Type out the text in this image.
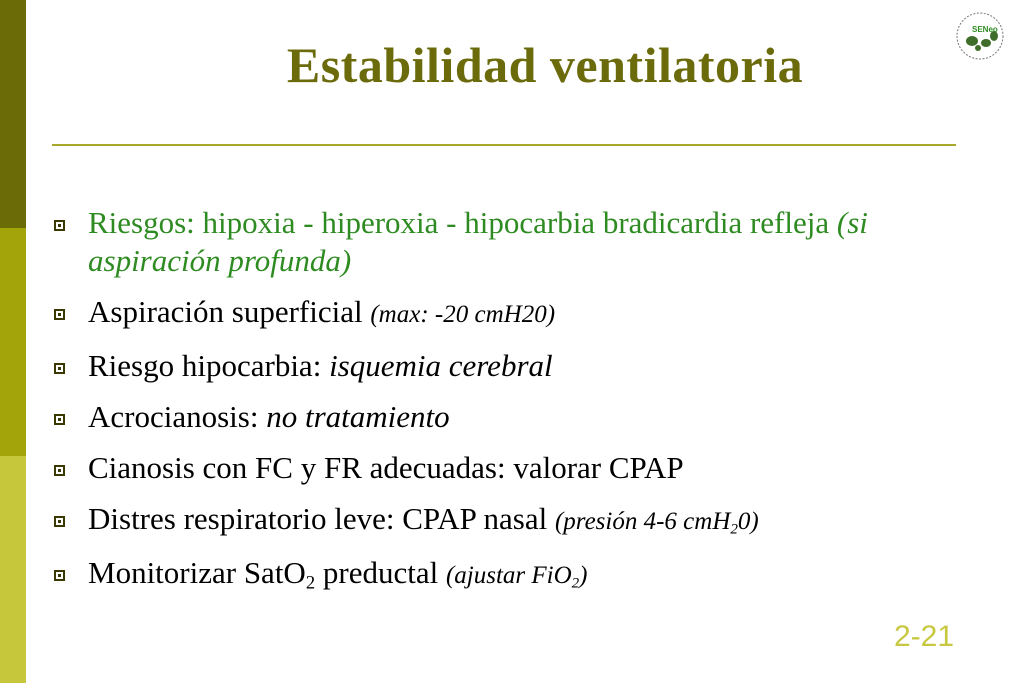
Estabilidad ventilatoria
SENeo
Riesgos: hipoxia - hiperoxia - hipocarbia bradicardia refleja (si aspiración profunda)
Aspiración superficial (max: -20 cmH20)
Riesgo hipocarbia: isquemia cerebral
Acrocianosis: no tratamiento
Cianosis con FC y FR adecuadas: valorar CPAP
Distres respiratorio leve: CPAP nasal (presión 4-6 cmH$_2$0)
Monitorizar SatO$_2$ preductal (ajustar FiO$_2$)
2-21
